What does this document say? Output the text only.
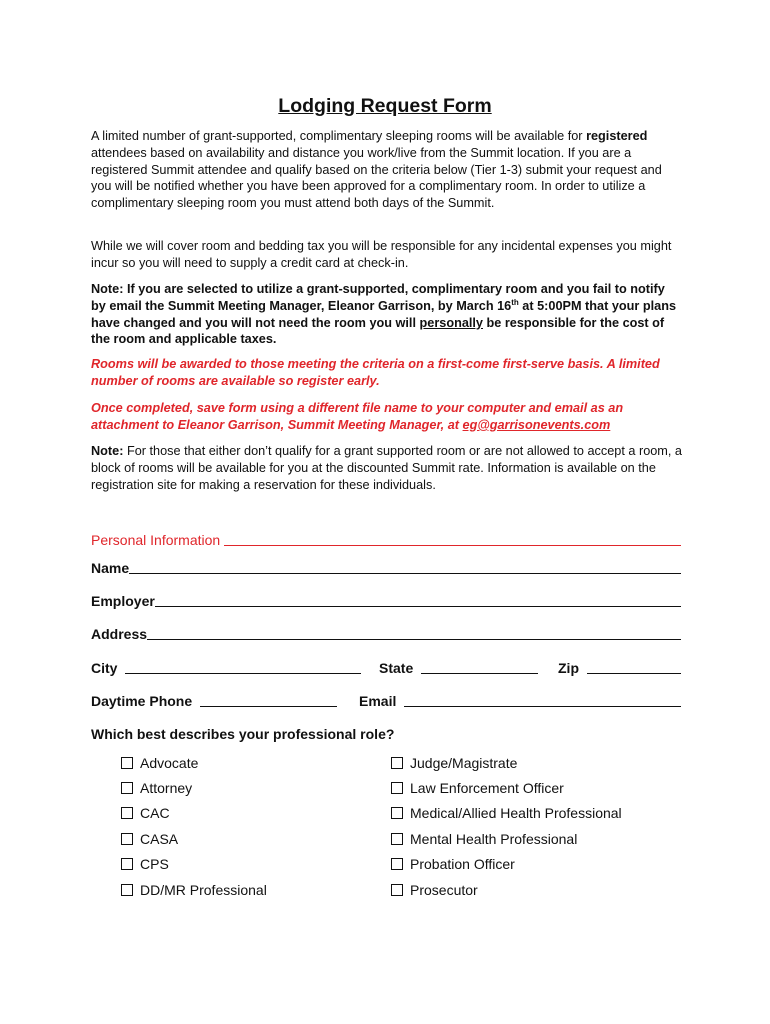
Lodging Request Form

A limited number of grant-supported, complimentary sleeping rooms will be available for registered attendees based on availability and distance you work/live from the Summit location. If you are a registered Summit attendee and qualify based on the criteria below (Tier 1-3) submit your request and you will be notified whether you have been approved for a complimentary room. In order to utilize a complimentary sleeping room you must attend both days of the Summit.

While we will cover room and bedding tax you will be responsible for any incidental expenses you might incur so you will need to supply a credit card at check-in.

Note: If you are selected to utilize a grant-supported, complimentary room and you fail to notify by email the Summit Meeting Manager, Eleanor Garrison, by March 16th at 5:00PM that your plans have changed and you will not need the room you will personally be responsible for the cost of the room and applicable taxes.

Rooms will be awarded to those meeting the criteria on a first-come first-serve basis. A limited number of rooms are available so register early.

Once completed, save form using a different file name to your computer and email as an attachment to Eleanor Garrison, Summit Meeting Manager, at eg@garrisonevents.com

Note: For those that either don’t qualify for a grant supported room or are not allowed to accept a room, a block of rooms will be available for you at the discounted Summit rate. Information is available on the registration site for making a reservation for these individuals.

Personal Information
Name
Employer
Address
City	State	Zip
Daytime Phone	Email
Which best describes your professional role?
Advocate
Attorney
CAC
CASA
CPS
DD/MR Professional
Judge/Magistrate
Law Enforcement Officer
Medical/Allied Health Professional
Mental Health Professional
Probation Officer
Prosecutor
